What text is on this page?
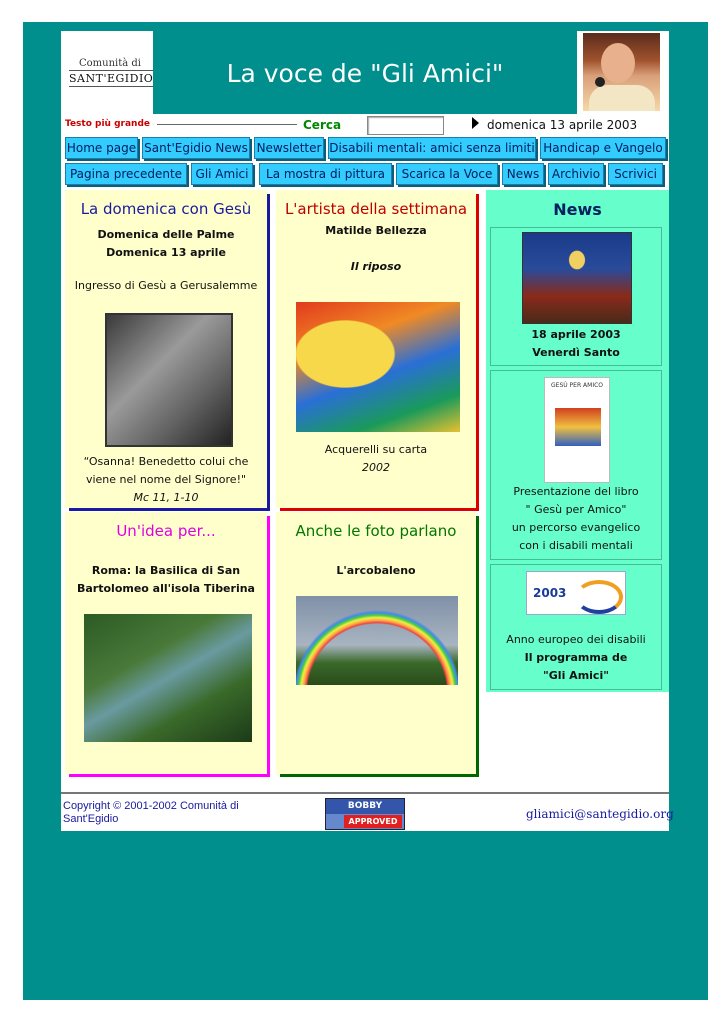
Comunità di
SANT'EGIDIO	La voce de "Gli Amici"
Testo più grande	Cerca	domenica 13 aprile 2003
Home page Sant'Egidio News Newsletter Disabili mentali: amici senza limiti Handicap e Vangelo
Pagina precedente	Gli Amici	La mostra di pittura	Scarica la Voce	News	Archivio	Scrivici
La domenica con Gesù
Domenica delle Palme
Domenica 13 aprile
Ingresso di Gesù a Gerusalemme
“Osanna! Benedetto colui che
viene nel nome del Signore!"
Mc 11, 1-10
L'artista della settimana
Matilde Bellezza
Il riposo
Acquerelli su carta
2002
Un'idea per...
Roma: la Basilica di San
Bartolomeo all'isola Tiberina
Anche le foto parlano
L'arcobaleno
News
18 aprile 2003
Venerdì Santo
GESÙ PER AMICO
Presentazione del libro
" Gesù per Amico"
un percorso evangelico
con i disabili mentali
2003
Anno europeo dei disabili
Il programma de
"Gli Amici"
Copyright © 2001-2002 Comunità di Sant'Egidio
BOBBY
APPROVED
gliamici@santegidio.org
